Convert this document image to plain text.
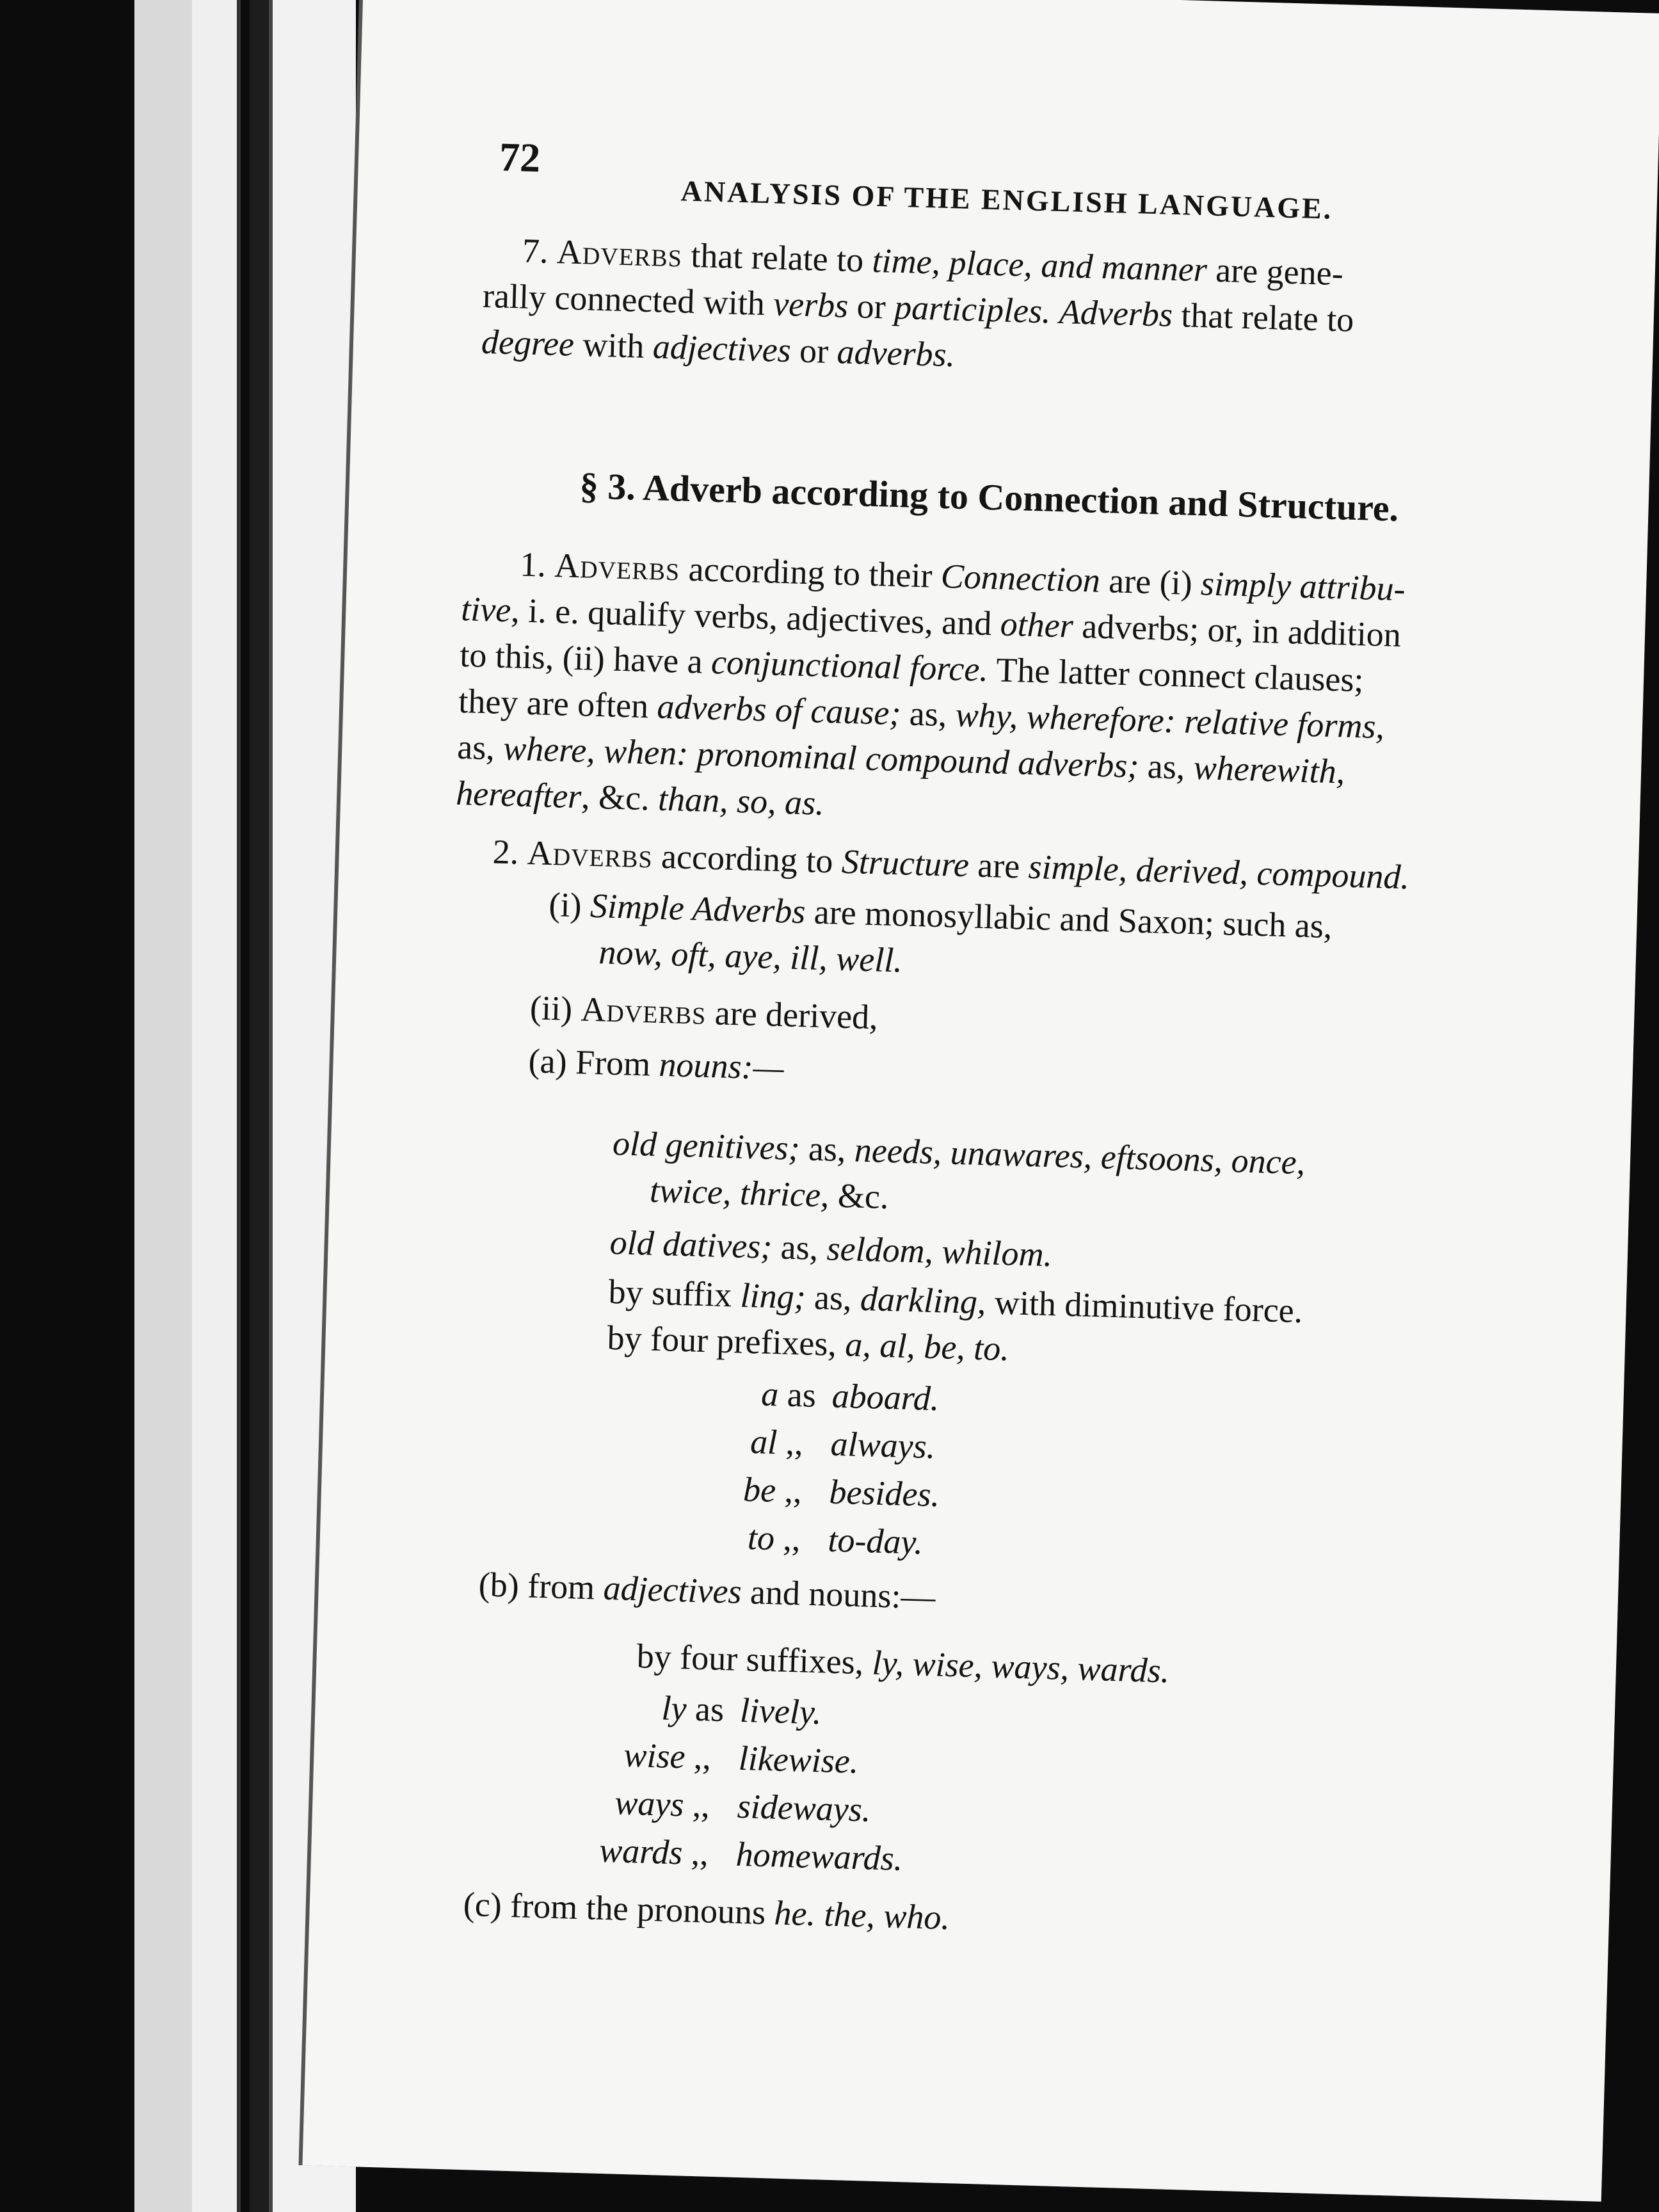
72
ANALYSIS OF THE ENGLISH LANGUAGE.
7. Adverbs that relate to time, place, and manner are gene-
rally connected with verbs or participles. Adverbs that relate to
degree with adjectives or adverbs.
§ 3. Adverb according to Connection and Structure.
1. Adverbs according to their Connection are (i) simply attribu-
tive, i. e. qualify verbs, adjectives, and other adverbs; or, in addition
to this, (ii) have a conjunctional force. The latter connect clauses;
they are often adverbs of cause; as, why, wherefore: relative forms,
as, where, when: pronominal compound adverbs; as, wherewith,
hereafter, &c. than, so, as.
2. Adverbs according to Structure are simple, derived, compound.
(i) Simple Adverbs are monosyllabic and Saxon; such as,
now, oft, aye, ill, well.
(ii) Adverbs are derived,
(a) From nouns:—
old genitives; as, needs, unawares, eftsoons, once,
twice, thrice, &c.
old datives; as, seldom, whilom.
by suffix ling; as, darkling, with diminutive force.
by four prefixes, a, al, be, to.
a as aboard.
al ,, always.
be ,, besides.
to ,, to-day.
(b) from adjectives and nouns:—
by four suffixes, ly, wise, ways, wards.
ly as lively.
wise ,, likewise.
ways ,, sideways.
wards ,, homewards.
(c) from the pronouns he. the, who.
